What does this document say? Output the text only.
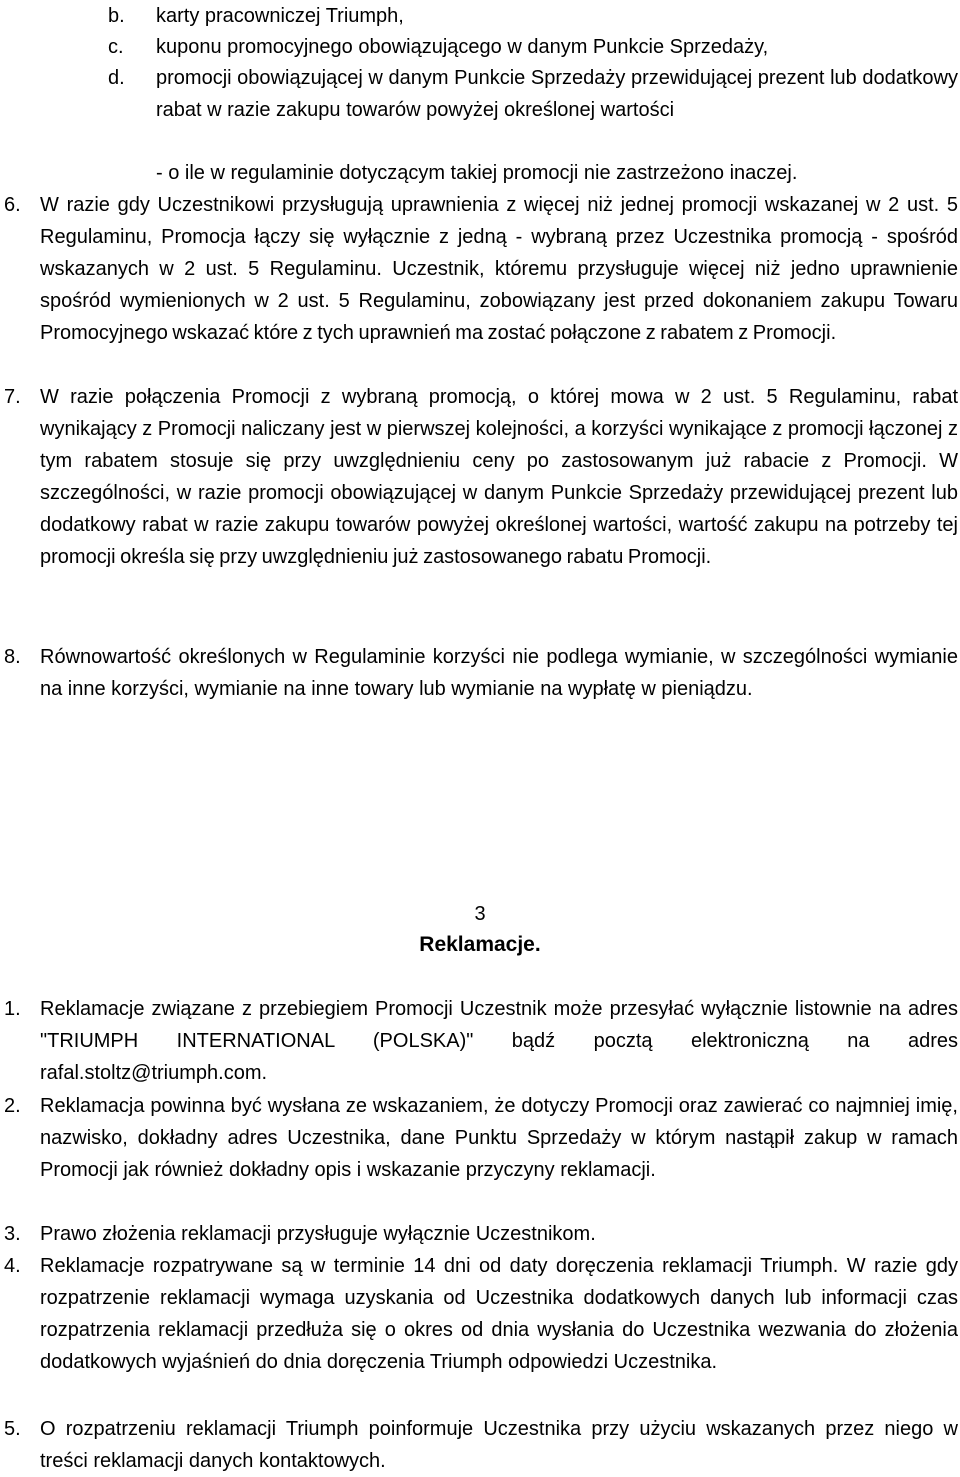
b. karty pracowniczej Triumph,
c. kuponu promocyjnego obowiązującego w danym Punkcie Sprzedaży,
d. promocji obowiązującej w danym Punkcie Sprzedaży przewidującej prezent lub dodatkowy rabat w razie zakupu towarów powyżej określonej wartości
- o ile w regulaminie dotyczącym takiej promocji nie zastrzeżono inaczej.
6. W razie gdy Uczestnikowi przysługują uprawnienia z więcej niż jednej promocji wskazanej w 2 ust. 5 Regulaminu, Promocja łączy się wyłącznie z jedną - wybraną przez Uczestnika promocją - spośród wskazanych w 2 ust. 5 Regulaminu. Uczestnik, któremu przysługuje więcej niż jedno uprawnienie spośród wymienionych w 2 ust. 5 Regulaminu, zobowiązany jest przed dokonaniem zakupu Towaru Promocyjnego wskazać które z tych uprawnień ma zostać połączone z rabatem z Promocji.
7. W razie połączenia Promocji z wybraną promocją, o której mowa w 2 ust. 5 Regulaminu, rabat wynikający z Promocji naliczany jest w pierwszej kolejności, a korzyści wynikające z promocji łączonej z tym rabatem stosuje się przy uwzględnieniu ceny po zastosowanym już rabacie z Promocji. W szczególności, w razie promocji obowiązującej w danym Punkcie Sprzedaży przewidującej prezent lub dodatkowy rabat w razie zakupu towarów powyżej określonej wartości, wartość zakupu na potrzeby tej promocji określa się przy uwzględnieniu już zastosowanego rabatu Promocji.
8. Równowartość określonych w Regulaminie korzyści nie podlega wymianie, w szczególności wymianie na inne korzyści, wymianie na inne towary lub wymianie na wypłatę w pieniądzu.
3
Reklamacje.
1. Reklamacje związane z przebiegiem Promocji Uczestnik może przesyłać wyłącznie listownie na adres "TRIUMPH INTERNATIONAL (POLSKA)" bądź pocztą elektroniczną na adres rafal.stoltz@triumph.com.
2. Reklamacja powinna być wysłana ze wskazaniem, że dotyczy Promocji oraz zawierać co najmniej imię, nazwisko, dokładny adres Uczestnika, dane Punktu Sprzedaży w którym nastąpił zakup w ramach Promocji jak również dokładny opis i wskazanie przyczyny reklamacji.
3. Prawo złożenia reklamacji przysługuje wyłącznie Uczestnikom.
4. Reklamacje rozpatrywane są w terminie 14 dni od daty doręczenia reklamacji Triumph. W razie gdy rozpatrzenie reklamacji wymaga uzyskania od Uczestnika dodatkowych danych lub informacji czas rozpatrzenia reklamacji przedłuża się o okres od dnia wysłania do Uczestnika wezwania do złożenia dodatkowych wyjaśnień do dnia doręczenia Triumph odpowiedzi Uczestnika.
5. O rozpatrzeniu reklamacji Triumph poinformuje Uczestnika przy użyciu wskazanych przez niego w treści reklamacji danych kontaktowych.
